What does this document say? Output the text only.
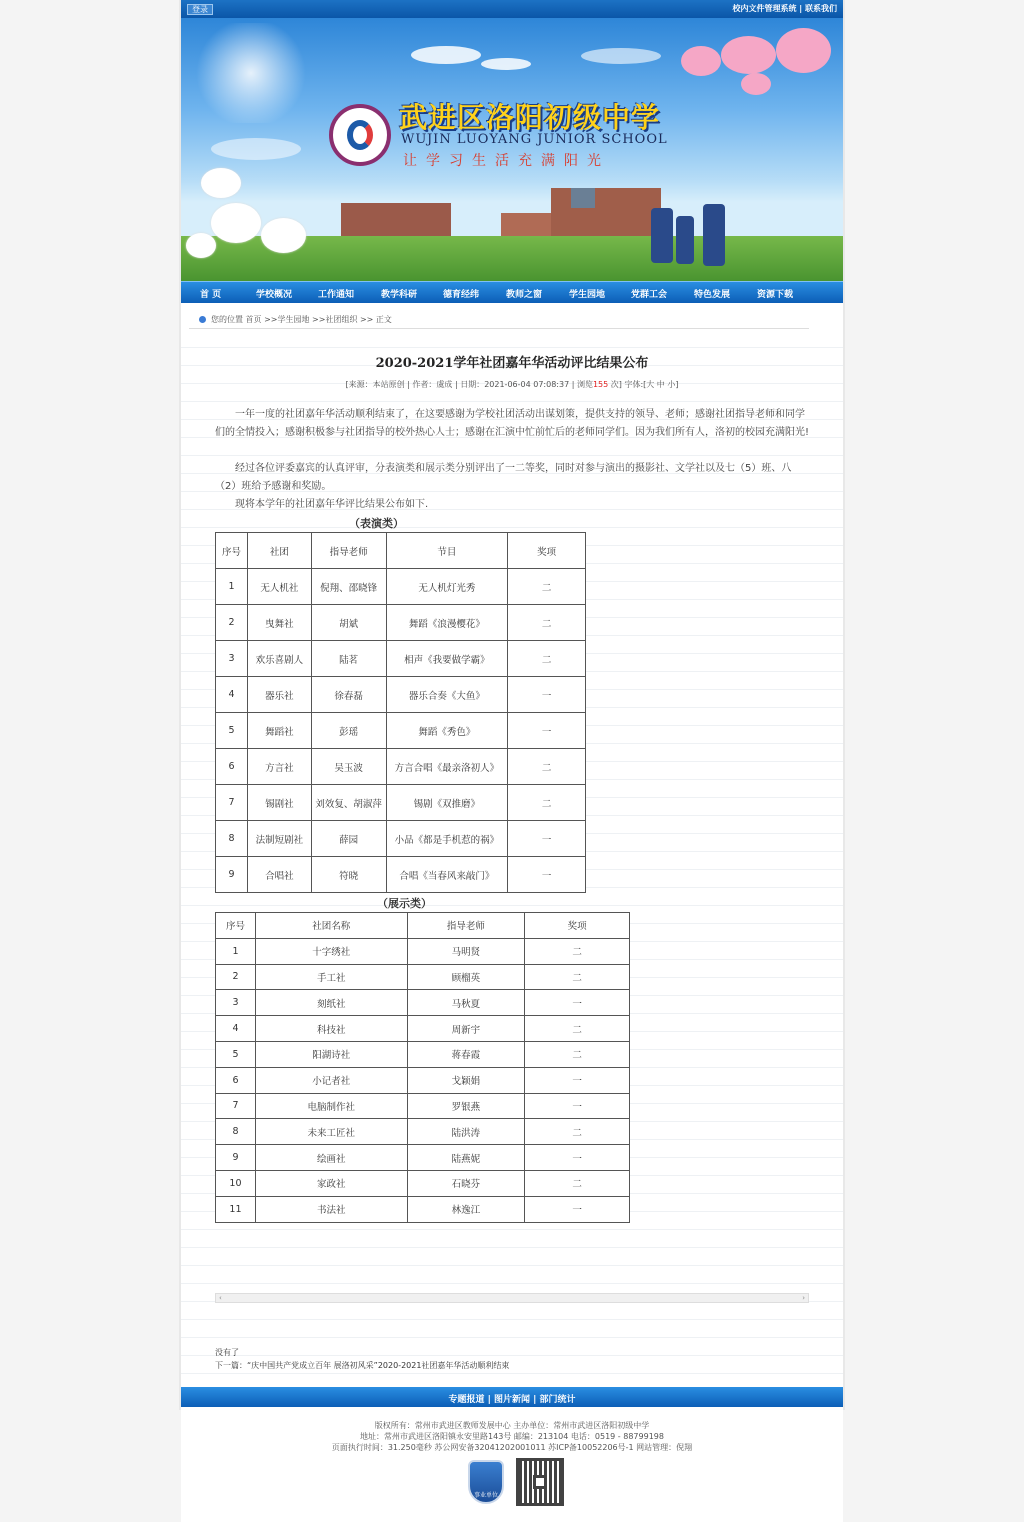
登录	校内文件管理系统 | 联系我们
武进区洛阳初级中学
WUJIN LUOYANG JUNIOR SCHOOL
让学习生活充满阳光
首 页	学校概况	工作通知	教学科研	德育经纬	教师之窗	学生园地	党群工会	特色发展	资源下载
您的位置 首页 >>学生园地 >>社团组织 >> 正文
2020-2021学年社团嘉年华活动评比结果公布
[来源：本站原创 | 作者：虞成 | 日期：2021-06-04 07:08:37 | 浏览155 次] 字体:[大 中 小]
一年一度的社团嘉年华活动顺利结束了，在这要感谢为学校社团活动出谋划策，提供支持的领导、老师；感谢社团指导老师和同学们的全情投入；感谢积极参与社团指导的校外热心人士；感谢在汇演中忙前忙后的老师同学们。因为我们所有人，洛初的校园充满阳光!
经过各位评委嘉宾的认真评审，分表演类和展示类分别评出了一二等奖，同时对参与演出的摄影社、文学社以及七（5）班、八（2）班给予感谢和奖励。
现将本学年的社团嘉年华评比结果公布如下.
（表演类）
序号	社团	指导老师	节目	奖项
1	无人机社	倪翔、邵晓锋	无人机灯光秀	二
2	曳舞社	胡斌	舞蹈《浪漫樱花》	二
3	欢乐喜剧人	陆茗	相声《我要做学霸》	二
4	器乐社	徐春磊	器乐合奏《大鱼》	一
5	舞蹈社	彭瑶	舞蹈《秀色》	一
6	方言社	吴玉波	方言合唱《最亲洛初人》	二
7	锡剧社	刘效复、胡淑萍	锡剧《双推磨》	二
8	法制短剧社	薛园	小品《都是手机惹的祸》	一
9	合唱社	符晓	合唱《当春风来敲门》	一
（展示类）
序号	社团名称	指导老师	奖项
1	十字绣社	马明贤	二
2	手工社	顾榴英	二
3	刻纸社	马秋夏	一
4	科技社	周新宇	二
5	阳湖诗社	蒋春霞	二
6	小记者社	戈颖娟	一
7	电脑制作社	罗银燕	一
8	未来工匠社	陆洪涛	二
9	绘画社	陆燕妮	一
10	家政社	石晓芬	二
11	书法社	林逸江	一
‹	›
没有了
下一篇：“庆中国共产党成立百年 展洛初风采”2020-2021社团嘉年华活动顺利结束
专题报道 | 图片新闻 | 部门统计
版权所有：常州市武进区教师发展中心 主办单位：常州市武进区洛阳初级中学
地址：常州市武进区洛阳镇永安里路143号 邮编：213104 电话：0519 - 88799198
页面执行时间：31.250毫秒 苏公网安备32041202001011 苏ICP备10052206号-1 网站管理：倪翔
事业单位
